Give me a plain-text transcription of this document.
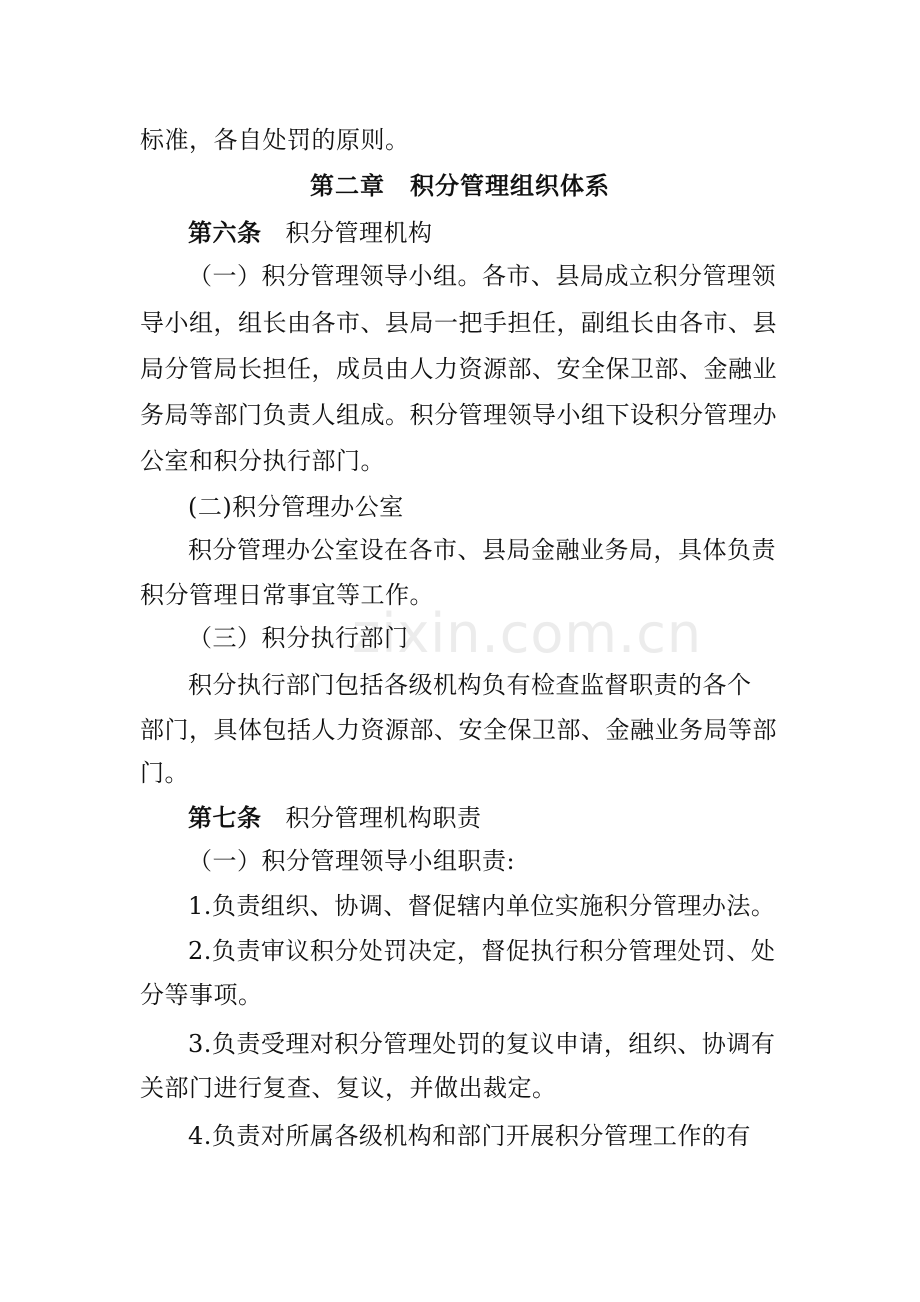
zixin.com.cn
标准，各自处罚的原则。
第二章　积分管理组织体系
第六条 积分管理机构
（一）积分管理领导小组。各市、县局成立积分管理领
导小组，组长由各市、县局一把手担任，副组长由各市、县
局分管局长担任，成员由人力资源部、安全保卫部、金融业
务局等部门负责人组成。积分管理领导小组下设积分管理办
公室和积分执行部门。
(二)积分管理办公室
积分管理办公室设在各市、县局金融业务局，具体负责
积分管理日常事宜等工作。
（三）积分执行部门
积分执行部门包括各级机构负有检查监督职责的各个
部门，具体包括人力资源部、安全保卫部、金融业务局等部
门。
第七条 积分管理机构职责
（一）积分管理领导小组职责:
1.负责组织、协调、督促辖内单位实施积分管理办法。
2.负责审议积分处罚决定，督促执行积分管理处罚、处
分等事项。
3.负责受理对积分管理处罚的复议申请，组织、协调有
关部门进行复查、复议，并做出裁定。
4.负责对所属各级机构和部门开展积分管理工作的有
